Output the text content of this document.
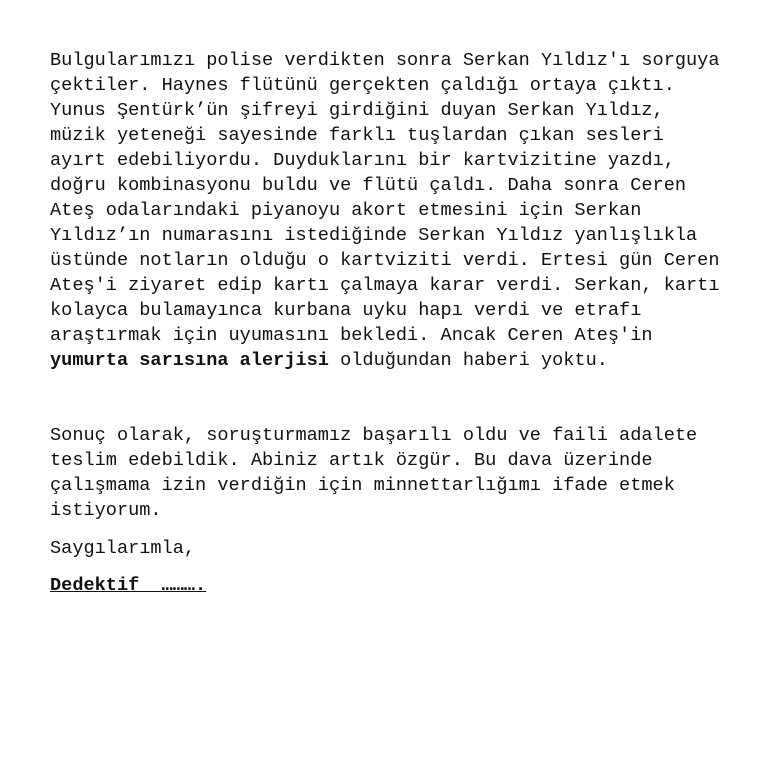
Bulgularımızı polise verdikten sonra Serkan Yıldız'ı sorguya çektiler. Haynes flütünü gerçekten çaldığı ortaya çıktı. Yunus Şentürk’ün şifreyi girdiğini duyan Serkan Yıldız, müzik yeteneği sayesinde farklı tuşlardan çıkan sesleri ayırt edebiliyordu. Duyduklarını bir kartvizitine yazdı, doğru kombinasyonu buldu ve flütü çaldı. Daha sonra Ceren Ateş odalarındaki piyanoyu akort etmesini için Serkan Yıldız’ın numarasını istediğinde Serkan Yıldız yanlışlıkla üstünde notların olduğu o kartviziti verdi. Ertesi gün Ceren Ateş'i ziyaret edip kartı çalmaya karar verdi. Serkan, kartı kolayca bulamayınca kurbana uyku hapı verdi ve etrafı araştırmak için uyumasını bekledi. Ancak Ceren Ateş'in yumurta sarısına alerjisi olduğundan haberi yoktu.

Sonuç olarak, soruşturmamız başarılı oldu ve faili adalete teslim edebildik. Abiniz artık özgür. Bu dava üzerinde çalışmama izin verdiğin için minnettarlığımı ifade etmek istiyorum.

Saygılarımla,

Dedektif  ……….
